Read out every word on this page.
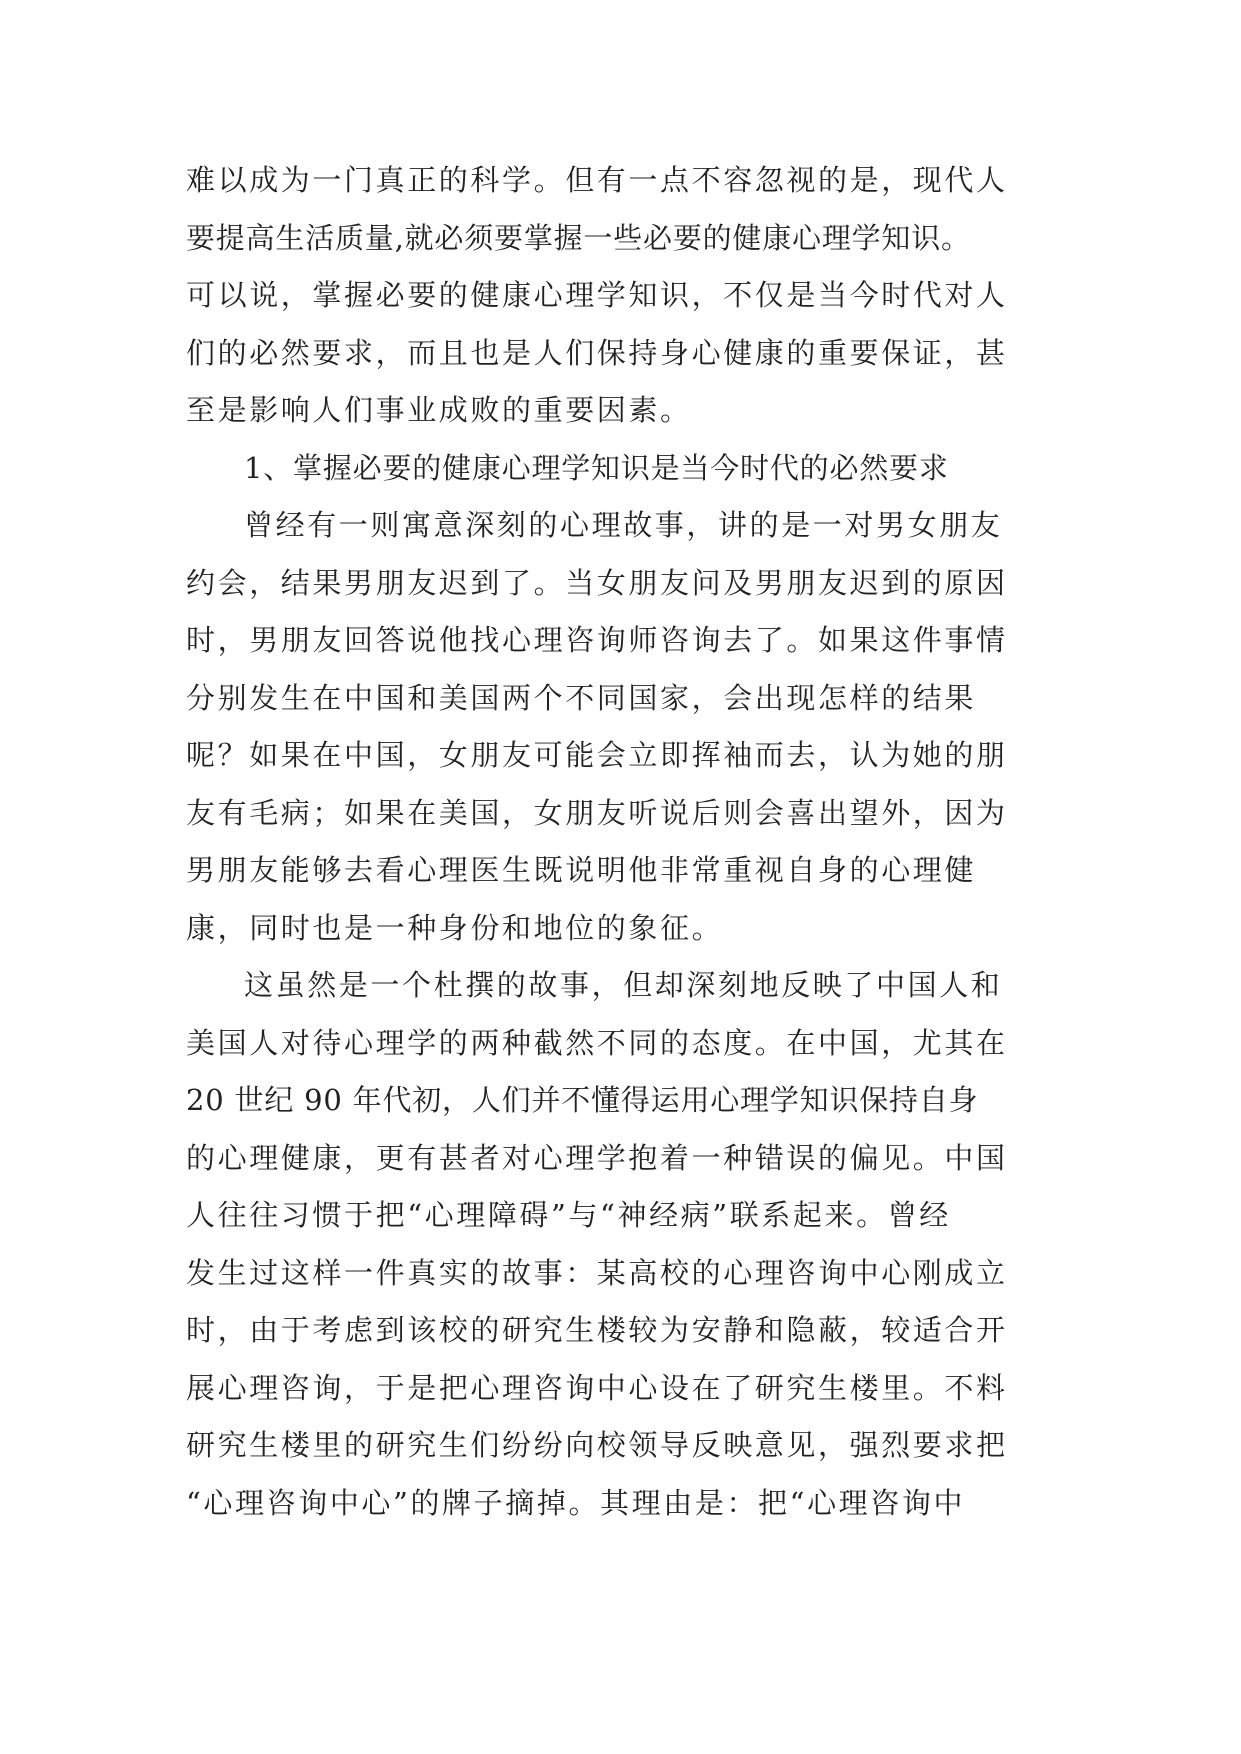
难以成为一门真正的科学。但有一点不容忽视的是，现代人
要提高生活质量,就必须要掌握一些必要的健康心理学知识。
可以说，掌握必要的健康心理学知识，不仅是当今时代对人
们的必然要求，而且也是人们保持身心健康的重要保证，甚
至是影响人们事业成败的重要因素。
1、掌握必要的健康心理学知识是当今时代的必然要求
曾经有一则寓意深刻的心理故事，讲的是一对男女朋友
约会，结果男朋友迟到了。当女朋友问及男朋友迟到的原因
时，男朋友回答说他找心理咨询师咨询去了。如果这件事情
分别发生在中国和美国两个不同国家，会出现怎样的结果
呢？如果在中国，女朋友可能会立即挥袖而去，认为她的朋
友有毛病；如果在美国，女朋友听说后则会喜出望外，因为
男朋友能够去看心理医生既说明他非常重视自身的心理健
康，同时也是一种身份和地位的象征。
这虽然是一个杜撰的故事，但却深刻地反映了中国人和
美国人对待心理学的两种截然不同的态度。在中国，尤其在
20 世纪 90 年代初，人们并不懂得运用心理学知识保持自身
的心理健康，更有甚者对心理学抱着一种错误的偏见。中国
人往往习惯于把“心理障碍”与“神经病”联系起来。曾经
发生过这样一件真实的故事：某高校的心理咨询中心刚成立
时，由于考虑到该校的研究生楼较为安静和隐蔽，较适合开
展心理咨询，于是把心理咨询中心设在了研究生楼里。不料
研究生楼里的研究生们纷纷向校领导反映意见，强烈要求把
“心理咨询中心”的牌子摘掉。其理由是：把“心理咨询中
